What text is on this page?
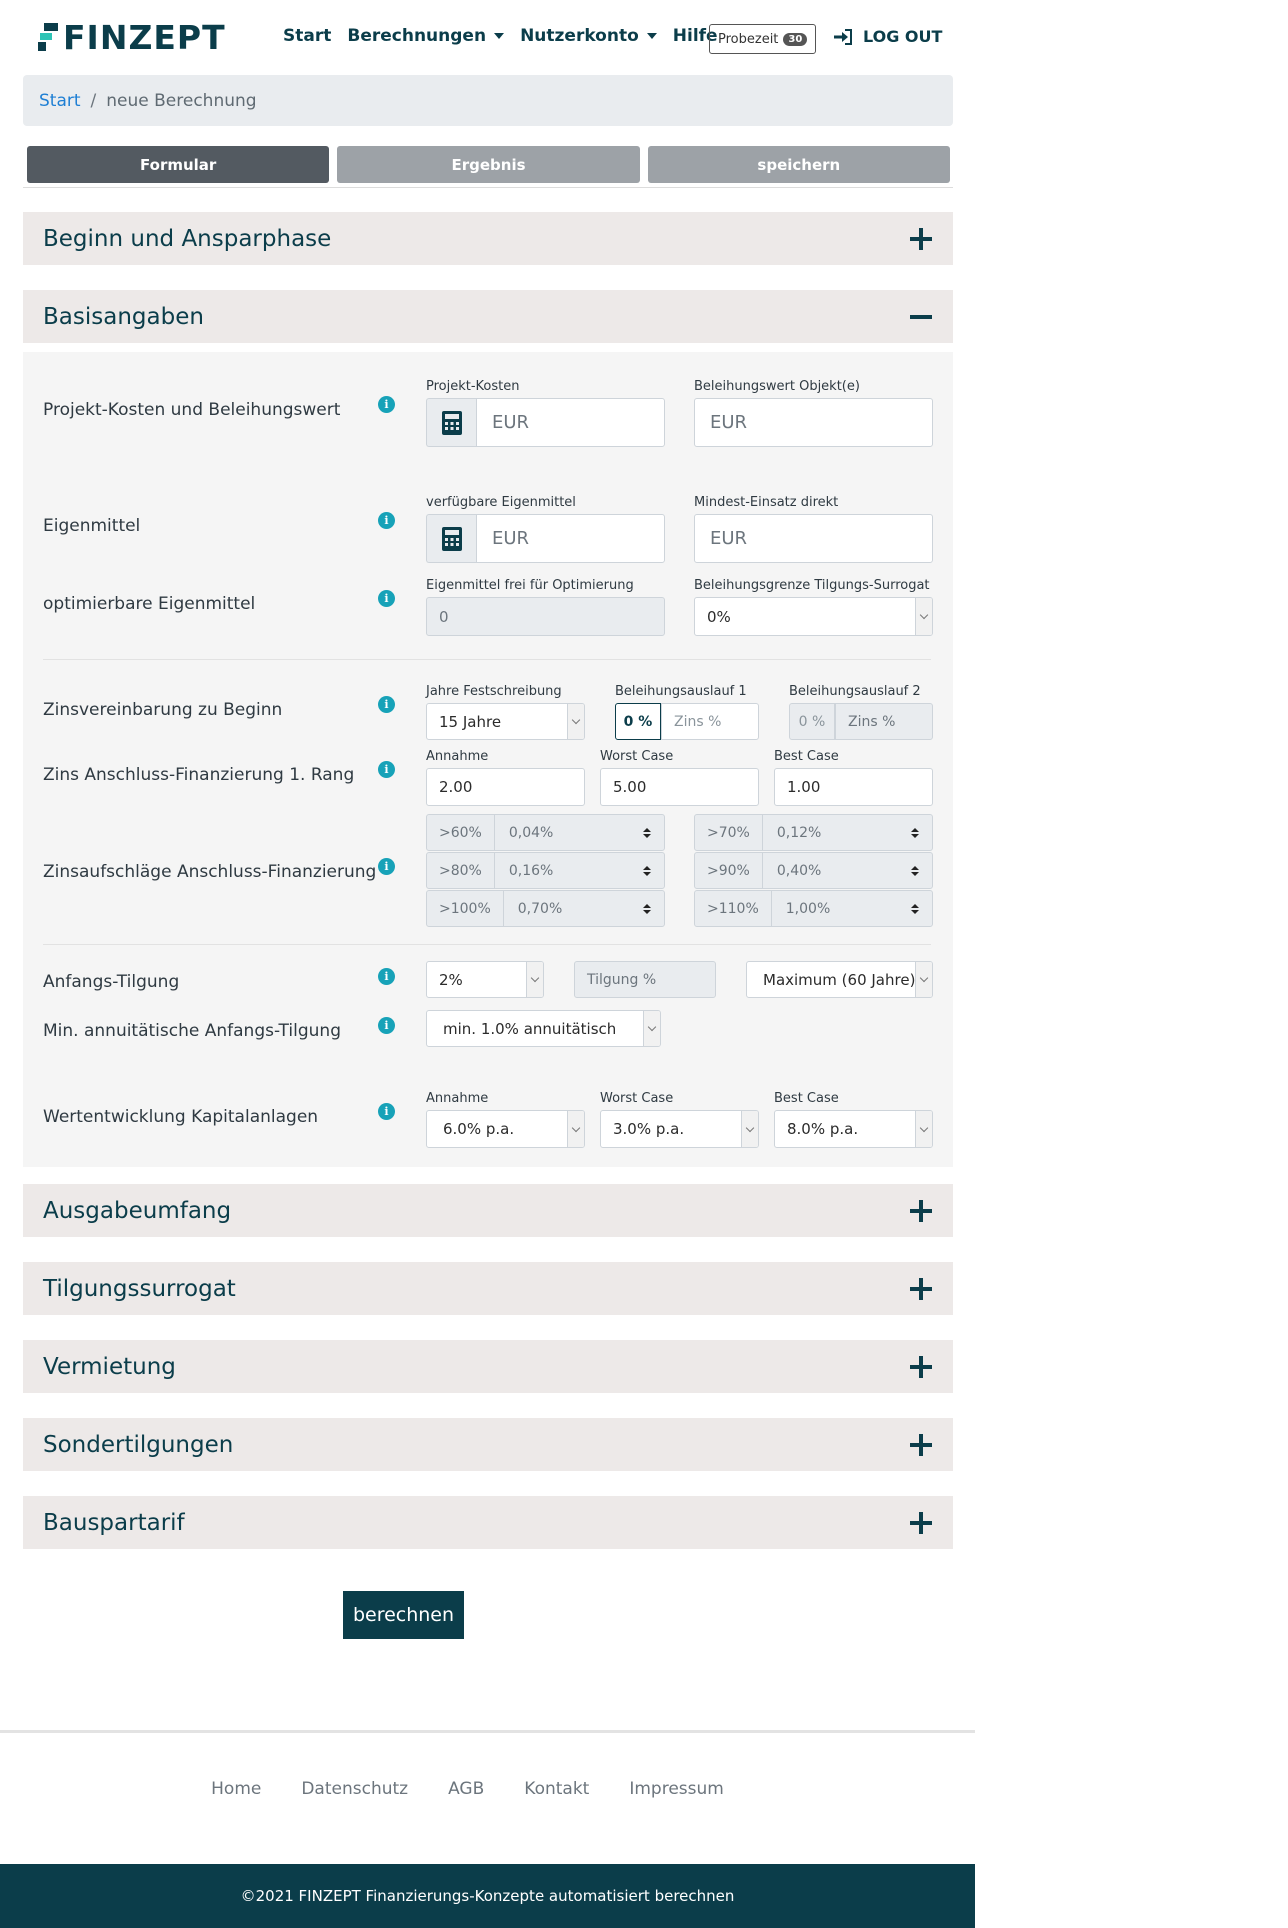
FINZEPT	Start Berechnungen Nutzerkonto Hilfe Probezeit	30	LOG OUT
Start / neue Berechnung
Formular	Ergebnis	speichern
Beginn und Ansparphase
Basisangaben
Projekt-Kosten und Beleihungswert	i
Projekt-Kosten
EUR
Beleihungswert Objekt(e)
EUR
Eigenmittel	i
verfügbare Eigenmittel
EUR
Mindest-Einsatz direkt
EUR
optimierbare Eigenmittel	i
Eigenmittel frei für Optimierung
0
Beleihungsgrenze Tilgungs-Surrogat
0%
Zinsvereinbarung zu Beginn	i
Jahre Festschreibung
15 Jahre
Beleihungsauslauf 1
0 %	Zins %
Beleihungsauslauf 2
0 %	Zins %
Zins Anschluss-Finanzierung 1. Rang	i
Annahme
2.00
Worst Case
5.00
Best Case
1.00
Zinsaufschläge Anschluss-Finanzierung i
>60%	0,04%	>70%	0,12%
>80%	0,16%	>90%	0,40%
>100%	0,70%	>110%	1,00%
Anfangs-Tilgung	i	2%	Tilgung %	Maximum (60 Jahre)
Min. annuitätische Anfangs-Tilgung	i	min. 1.0% annuitätisch
Wertentwicklung Kapitalanlagen	i
Annahme
6.0% p.a.
Worst Case
3.0% p.a.
Best Case
8.0% p.a.
Ausgabeumfang
Tilgungssurrogat
Vermietung
Sondertilgungen
Bauspartarif
berechnen
Home Datenschutz AGB Kontakt Impressum
©2021 FINZEPT Finanzierungs-Konzepte automatisiert berechnen
